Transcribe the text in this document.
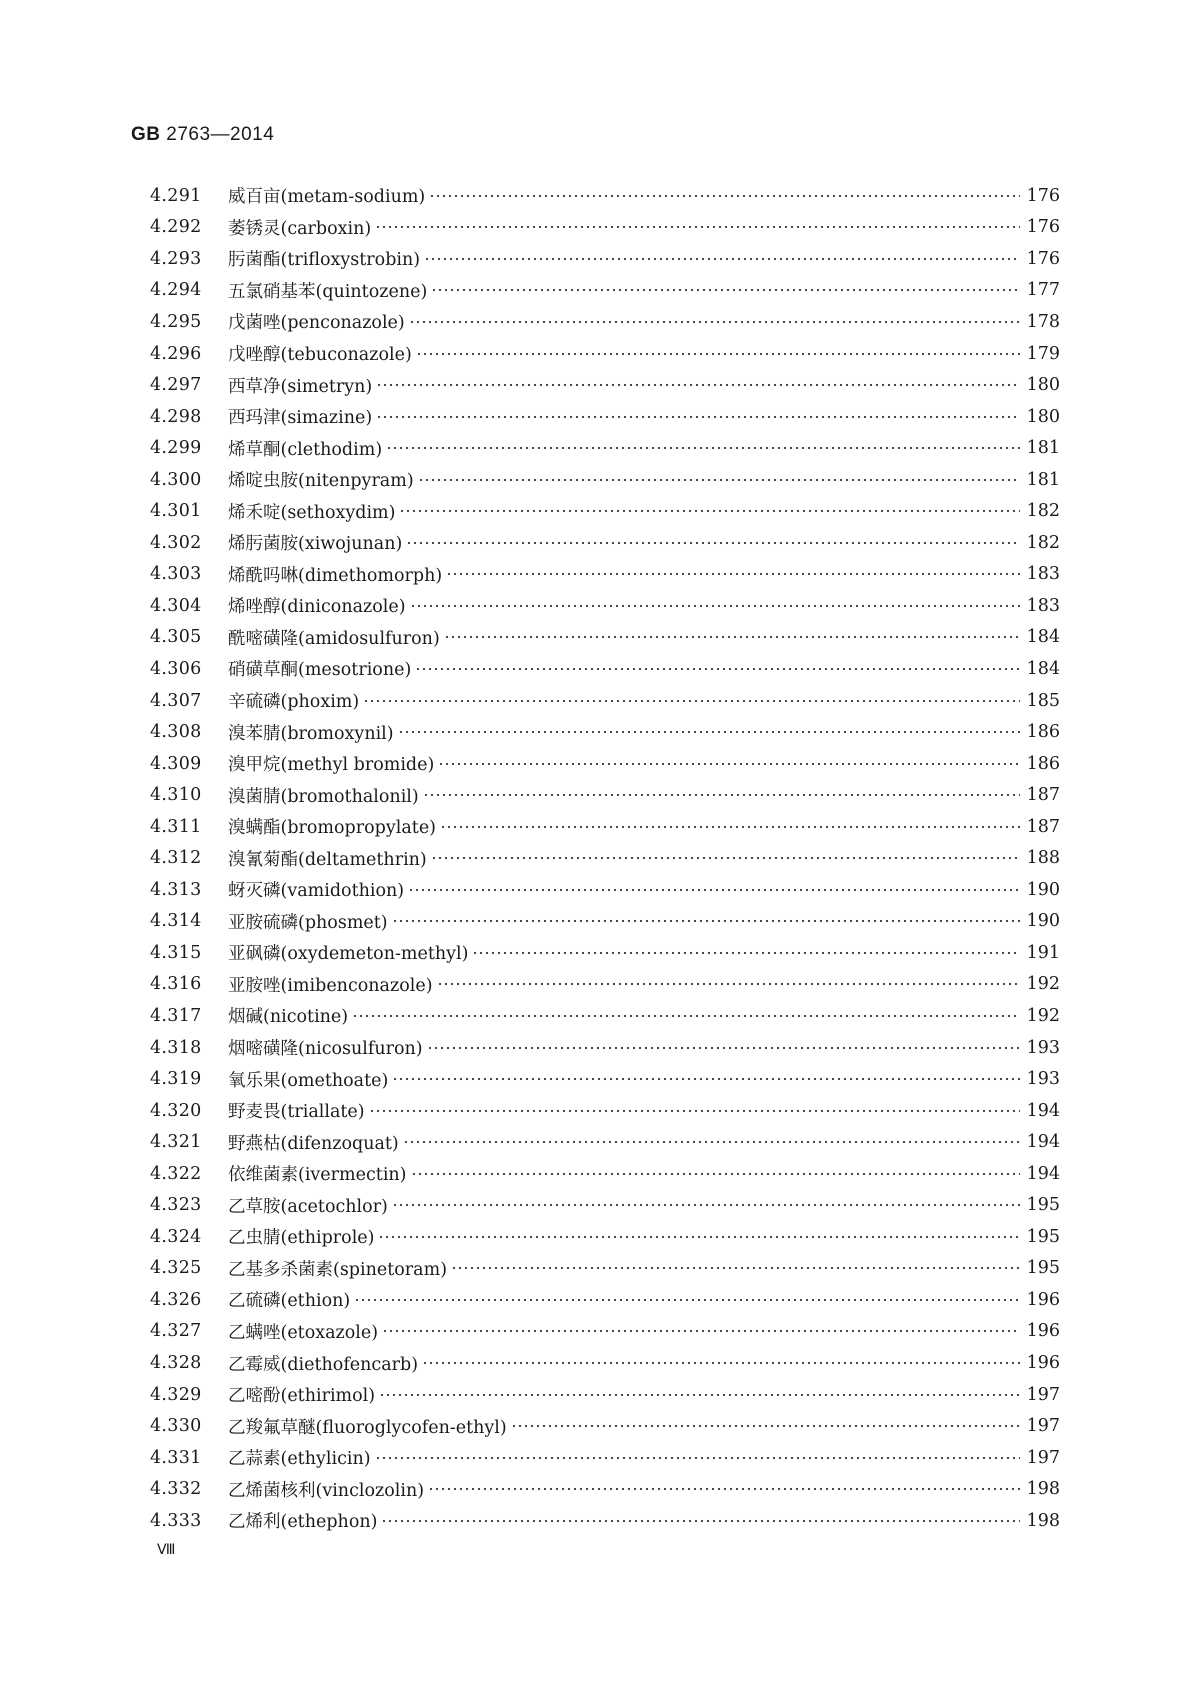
GB 2763—2014
4.291	威百亩(metam-sodium)	176
4.292	萎锈灵(carboxin)	176
4.293	肟菌酯(trifloxystrobin)	176
4.294	五氯硝基苯(quintozene)	177
4.295	戊菌唑(penconazole)	178
4.296	戊唑醇(tebuconazole)	179
4.297	西草净(simetryn)	180
4.298	西玛津(simazine)	180
4.299	烯草酮(clethodim)	181
4.300	烯啶虫胺(nitenpyram)	181
4.301	烯禾啶(sethoxydim)	182
4.302	烯肟菌胺(xiwojunan)	182
4.303	烯酰吗啉(dimethomorph)	183
4.304	烯唑醇(diniconazole)	183
4.305	酰嘧磺隆(amidosulfuron)	184
4.306	硝磺草酮(mesotrione)	184
4.307	辛硫磷(phoxim)	185
4.308	溴苯腈(bromoxynil)	186
4.309	溴甲烷(methyl bromide)	186
4.310	溴菌腈(bromothalonil)	187
4.311	溴螨酯(bromopropylate)	187
4.312	溴氰菊酯(deltamethrin)	188
4.313	蚜灭磷(vamidothion)	190
4.314	亚胺硫磷(phosmet)	190
4.315	亚砜磷(oxydemeton-methyl)	191
4.316	亚胺唑(imibenconazole)	192
4.317	烟碱(nicotine)	192
4.318	烟嘧磺隆(nicosulfuron)	193
4.319	氧乐果(omethoate)	193
4.320	野麦畏(triallate)	194
4.321	野燕枯(difenzoquat)	194
4.322	依维菌素(ivermectin)	194
4.323	乙草胺(acetochlor)	195
4.324	乙虫腈(ethiprole)	195
4.325	乙基多杀菌素(spinetoram)	195
4.326	乙硫磷(ethion)	196
4.327	乙螨唑(etoxazole)	196
4.328	乙霉威(diethofencarb)	196
4.329	乙嘧酚(ethirimol)	197
4.330	乙羧氟草醚(fluoroglycofen-ethyl)	197
4.331	乙蒜素(ethylicin)	197
4.332	乙烯菌核利(vinclozolin)	198
4.333	乙烯利(ethephon)	198
Ⅷ
